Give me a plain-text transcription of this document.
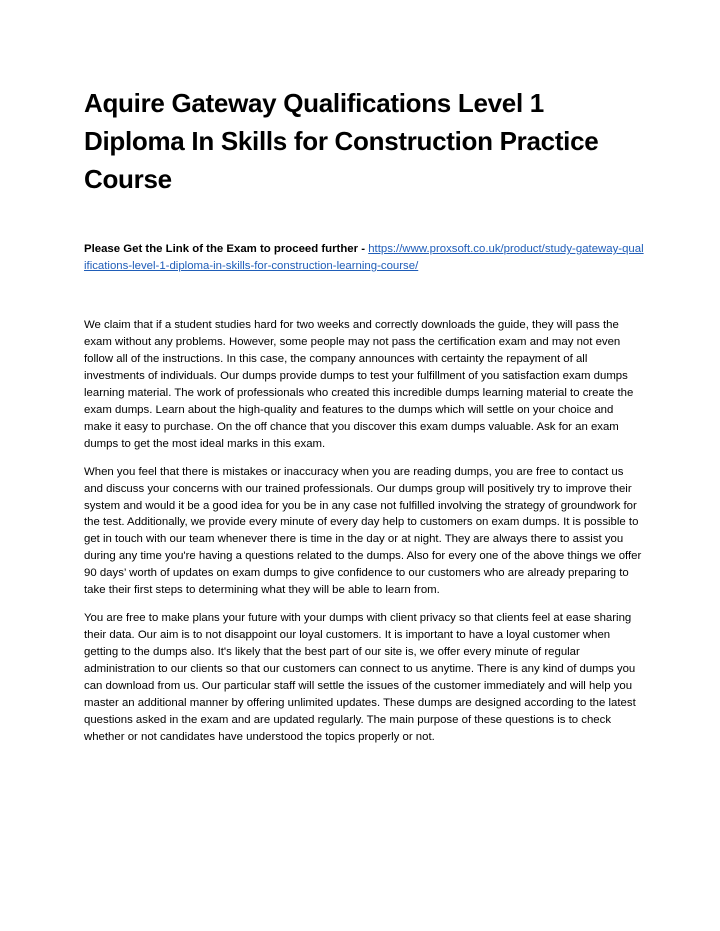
Aquire Gateway Qualifications Level 1 Diploma In Skills for Construction Practice Course
Please Get the Link of the Exam to proceed further - https://www.proxsoft.co.uk/product/study-gateway-qualifications-level-1-diploma-in-skills-for-construction-learning-course/

We claim that if a student studies hard for two weeks and correctly downloads the guide, they will pass the exam without any problems. However, some people may not pass the certification exam and may not even follow all of the instructions. In this case, the company announces with certainty the repayment of all investments of individuals. Our dumps provide dumps to test your fulfillment of you satisfaction exam dumps learning material. The work of professionals who created this incredible dumps learning material to create the exam dumps. Learn about the high-quality and features to the dumps which will settle on your choice and make it easy to purchase. On the off chance that you discover this exam dumps valuable. Ask for an exam dumps to get the most ideal marks in this exam.

When you feel that there is mistakes or inaccuracy when you are reading dumps, you are free to contact us and discuss your concerns with our trained professionals. Our dumps group will positively try to improve their system and would it be a good idea for you be in any case not fulfilled involving the strategy of groundwork for the test. Additionally, we provide every minute of every day help to customers on exam dumps. It is possible to get in touch with our team whenever there is time in the day or at night. They are always there to assist you during any time you're having a questions related to the dumps. Also for every one of the above things we offer 90 days’ worth of updates on exam dumps to give confidence to our customers who are already preparing to take their first steps to determining what they will be able to learn from.

You are free to make plans your future with your dumps with client privacy so that clients feel at ease sharing their data. Our aim is to not disappoint our loyal customers. It is important to have a loyal customer when getting to the dumps also. It's likely that the best part of our site is, we offer every minute of regular administration to our clients so that our customers can connect to us anytime. There is any kind of dumps you can download from us. Our particular staff will settle the issues of the customer immediately and will help you master an additional manner by offering unlimited updates. These dumps are designed according to the latest questions asked in the exam and are updated regularly. The main purpose of these questions is to check whether or not candidates have understood the topics properly or not.
